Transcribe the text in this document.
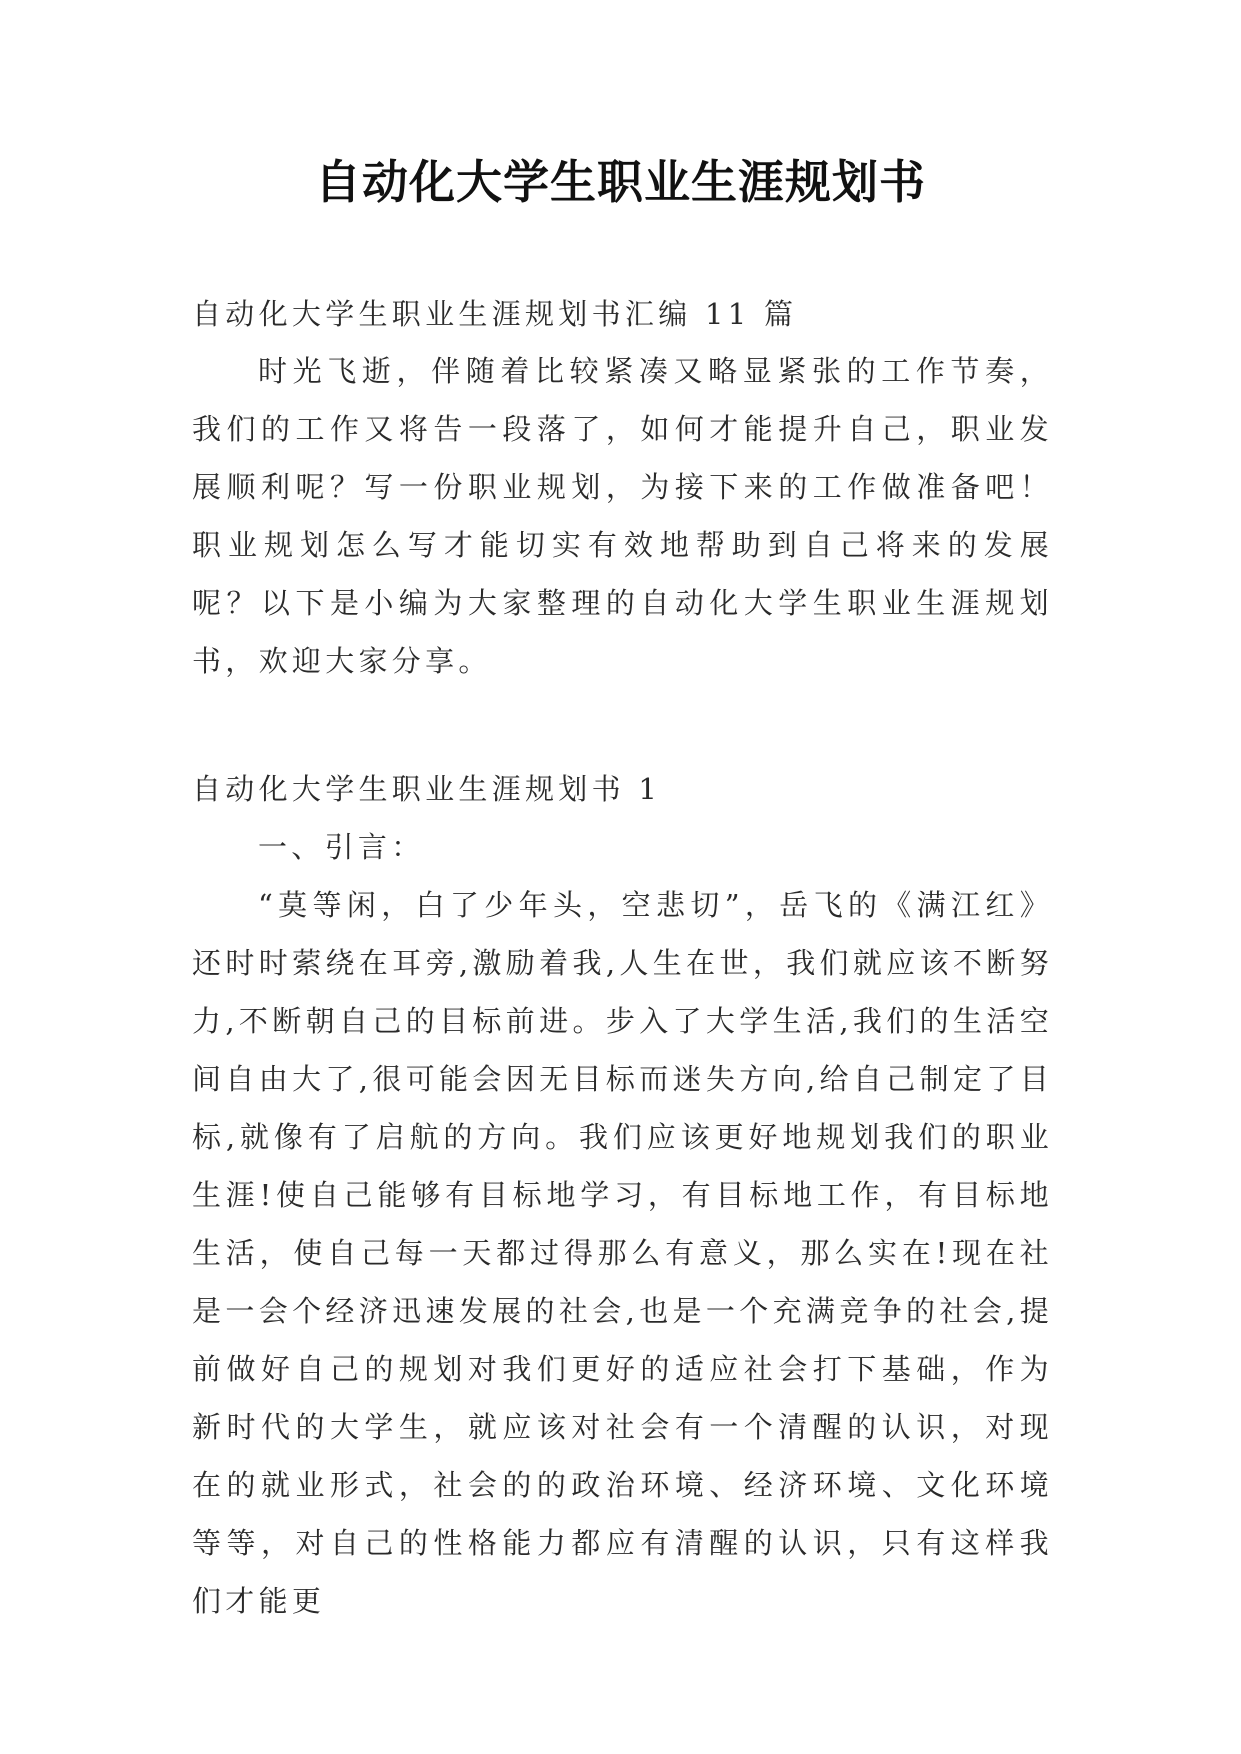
自动化大学生职业生涯规划书

自动化大学生职业生涯规划书汇编 11 篇

时光飞逝，伴随着比较紧凑又略显紧张的工作节奏，我们的工作又将告一段落了，如何才能提升自己，职业发展顺利呢？写一份职业规划，为接下来的工作做准备吧！职业规划怎么写才能切实有效地帮助到自己将来的发展呢？以下是小编为大家整理的自动化大学生职业生涯规划书，欢迎大家分享。

自动化大学生职业生涯规划书 1

一、引言：

“莫等闲，白了少年头，空悲切”，岳飞的《满江红》还时时萦绕在耳旁,激励着我,人生在世，我们就应该不断努力,不断朝自己的目标前进。步入了大学生活,我们的生活空间自由大了,很可能会因无目标而迷失方向,给自己制定了目标,就像有了启航的方向。我们应该更好地规划我们的职业生涯!使自己能够有目标地学习，有目标地工作，有目标地生活，使自己每一天都过得那么有意义，那么实在!现在社是一会个经济迅速发展的社会,也是一个充满竞争的社会,提前做好自己的规划对我们更好的适应社会打下基础，作为新时代的大学生，就应该对社会有一个清醒的认识，对现在的就业形式，社会的的政治环境、经济环境、文化环境等等，对自己的性格能力都应有清醒的认识，只有这样我们才能更
